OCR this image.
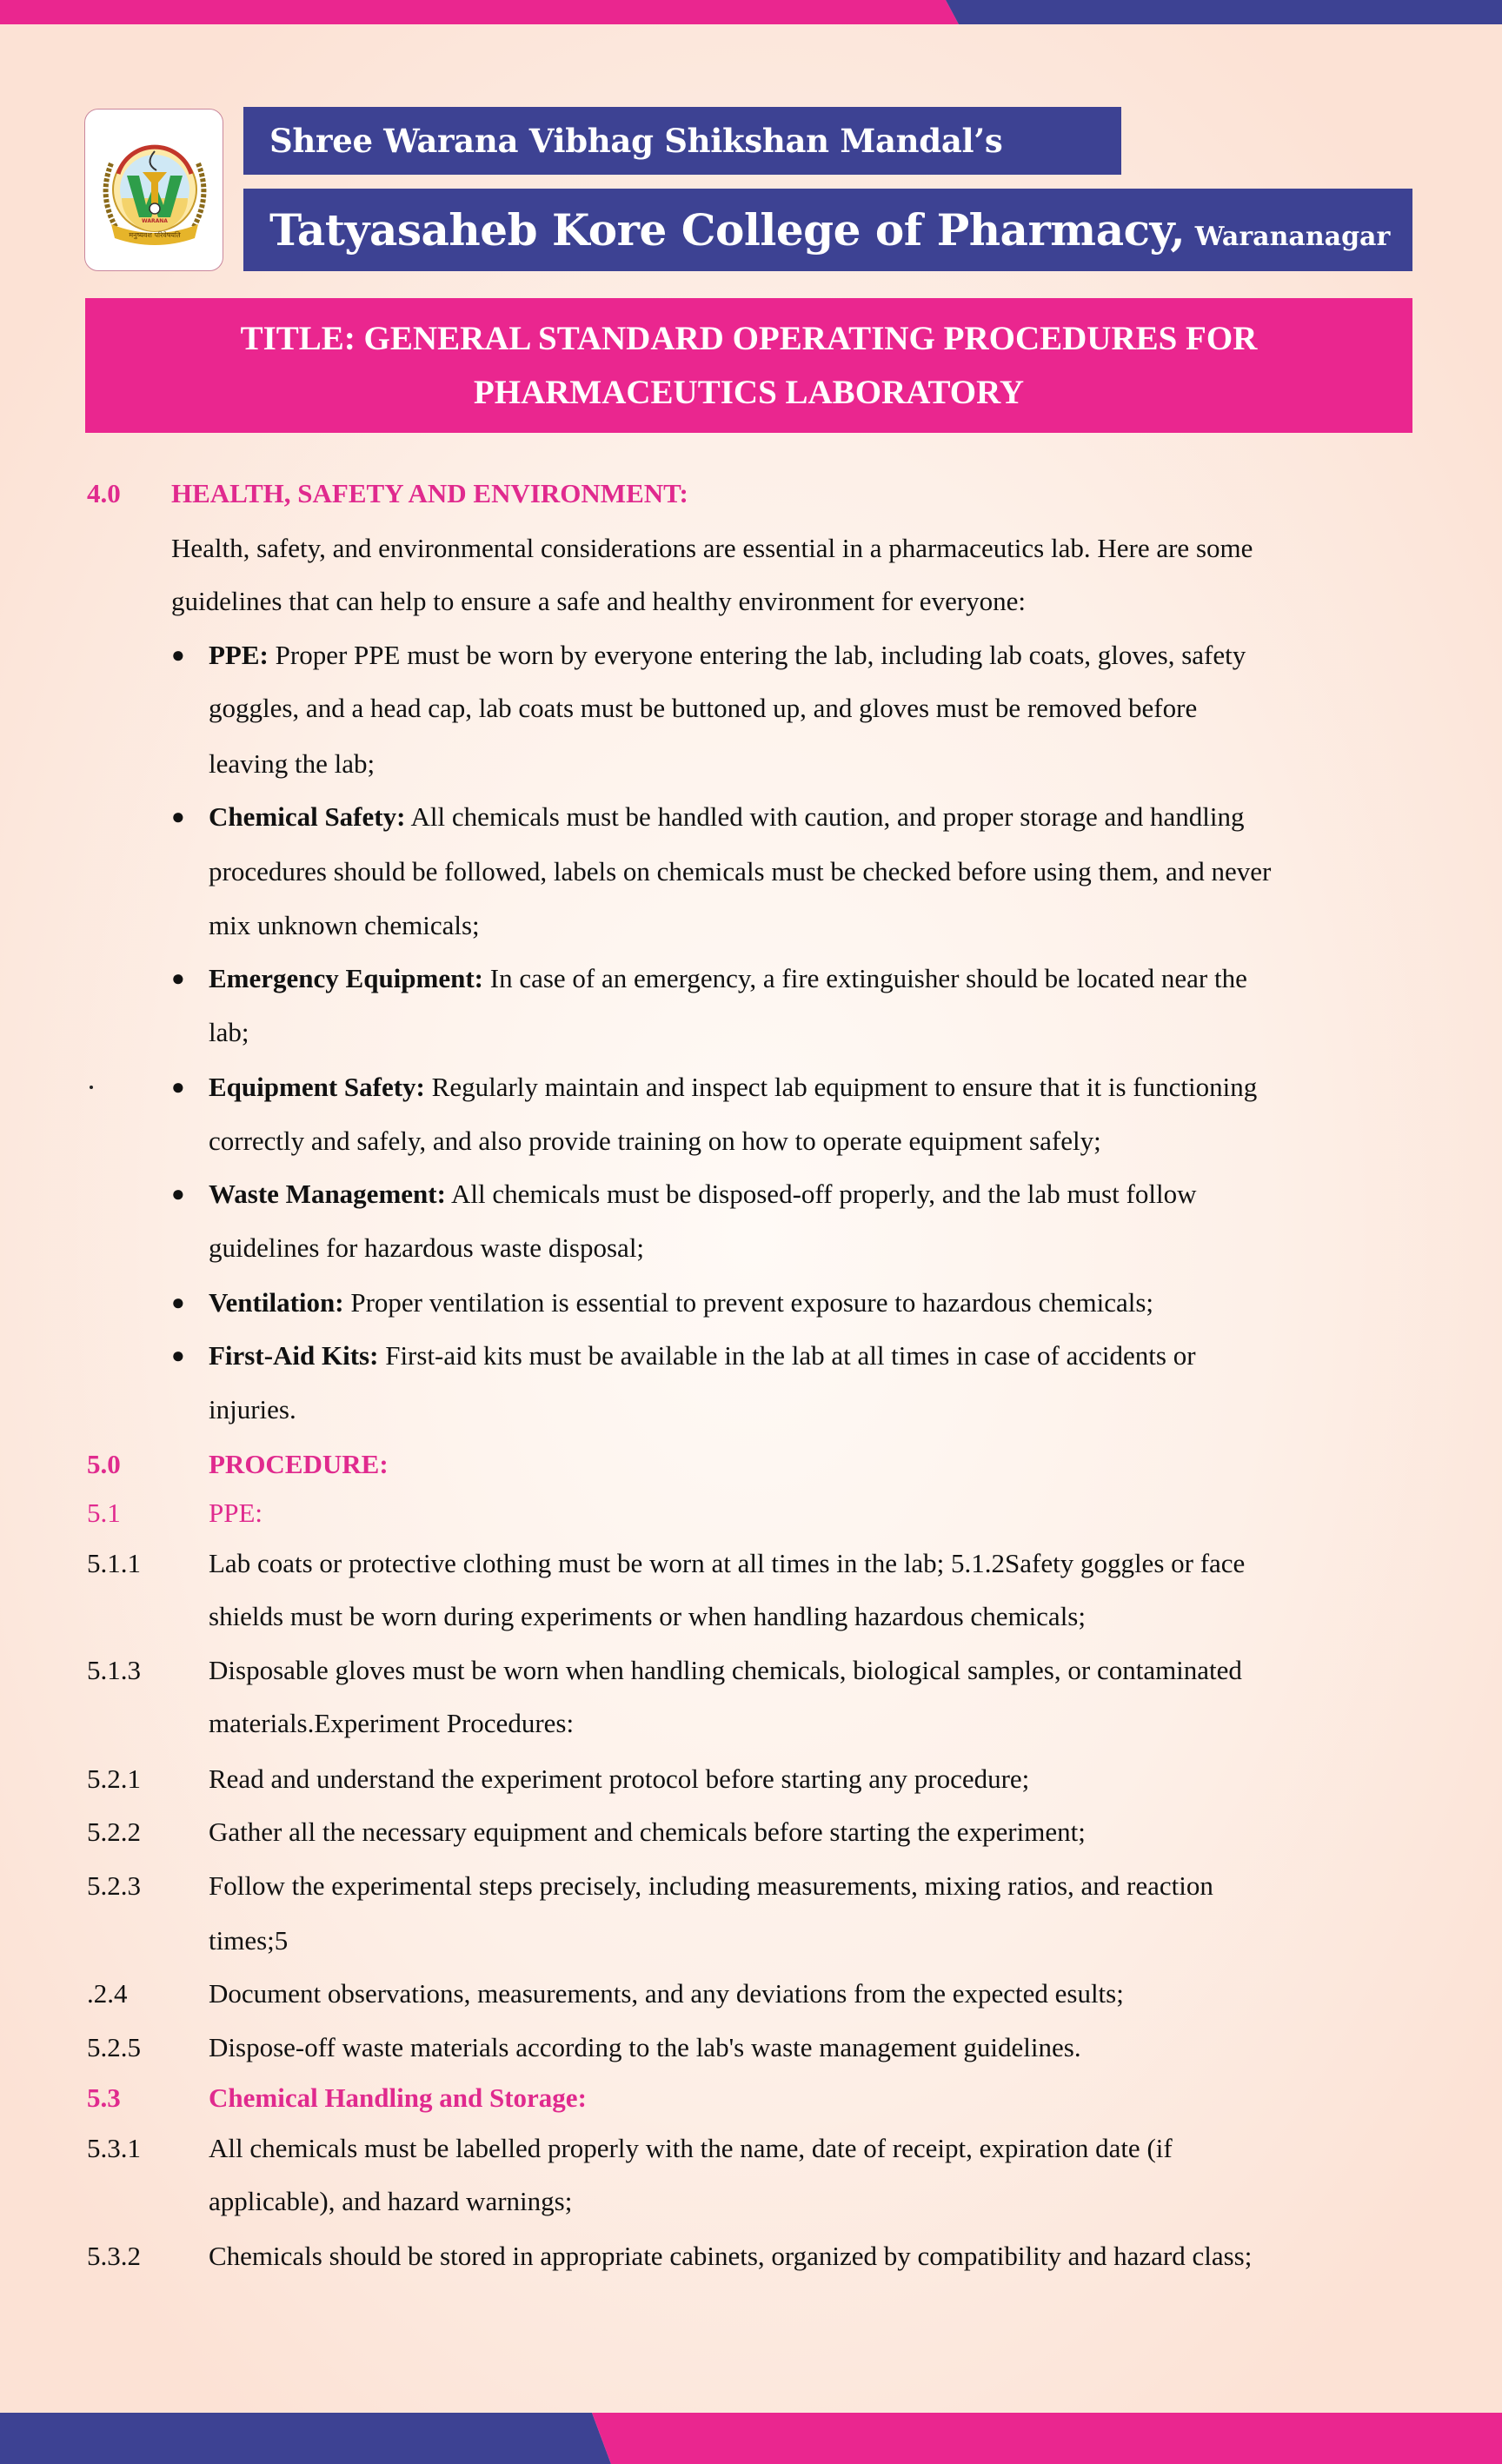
मनुष्यवश परिवेषयति
WARANA
Shree Warana Vibhag Shikshan Mandal’s
Tatyasaheb Kore College of Pharmacy, Warananagar
TITLE: GENERAL STANDARD OPERATING PROCEDURES FOR
PHARMACEUTICS LABORATORY
4.0 HEALTH, SAFETY AND ENVIRONMENT:
Health, safety, and environmental considerations are essential in a pharmaceutics lab. Here are some
guidelines that can help to ensure a safe and healthy environment for everyone:
● PPE: Proper PPE must be worn by everyone entering the lab, including lab coats, gloves, safety
goggles, and a head cap, lab coats must be buttoned up, and gloves must be removed before
leaving the lab;
● Chemical Safety: All chemicals must be handled with caution, and proper storage and handling
procedures should be followed, labels on chemicals must be checked before using them, and never
mix unknown chemicals;
● Emergency Equipment: In case of an emergency, a fire extinguisher should be located near the
lab;
● Equipment Safety: Regularly maintain and inspect lab equipment to ensure that it is functioning
correctly and safely, and also provide training on how to operate equipment safely;
● Waste Management: All chemicals must be disposed-off properly, and the lab must follow
guidelines for hazardous waste disposal;
● Ventilation: Proper ventilation is essential to prevent exposure to hazardous chemicals;
● First-Aid Kits: First-aid kits must be available in the lab at all times in case of accidents or
injuries.
5.0	PROCEDURE:
5.1	PPE:
5.1.1	Lab coats or protective clothing must be worn at all times in the lab; 5.1.2Safety goggles or face
shields must be worn during experiments or when handling hazardous chemicals;
5.1.3	Disposable gloves must be worn when handling chemicals, biological samples, or contaminated
materials.Experiment Procedures:
5.2.1	Read and understand the experiment protocol before starting any procedure;
5.2.2	Gather all the necessary equipment and chemicals before starting the experiment;
5.2.3	Follow the experimental steps precisely, including measurements, mixing ratios, and reaction
times;5
.2.4	Document observations, measurements, and any deviations from the expected esults;
5.2.5	Dispose-off waste materials according to the lab's waste management guidelines.
5.3	Chemical Handling and Storage:
5.3.1	All chemicals must be labelled properly with the name, date of receipt, expiration date (if
applicable), and hazard warnings;
5.3.2	Chemicals should be stored in appropriate cabinets, organized by compatibility and hazard class;
